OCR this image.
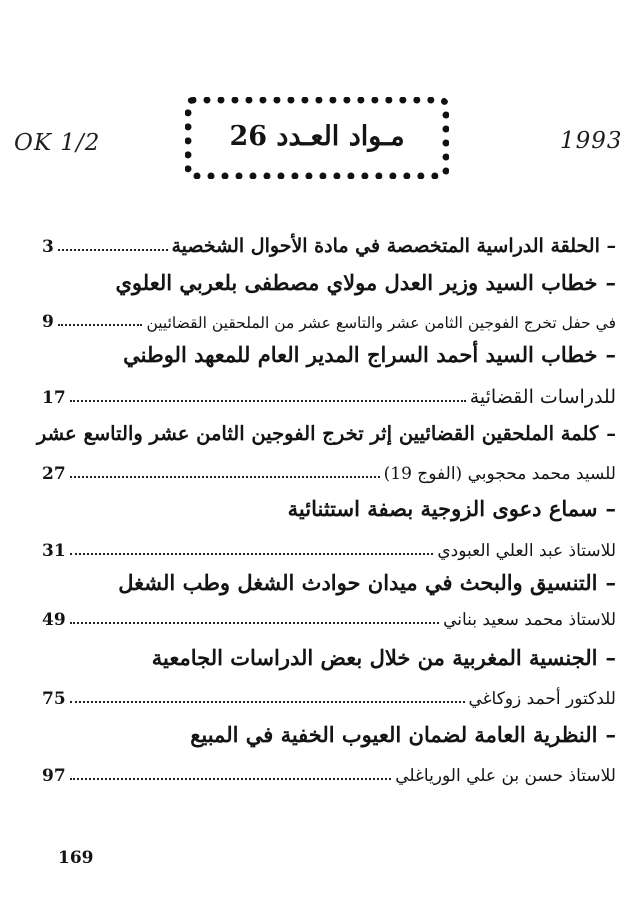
OK 1/2	1993
مـواد العـدد 26
– الحلقة الدراسية المتخصصة في مادة الأحوال الشخصية
3
–خطاب السيد وزير العدل مولاي مصطفى بلعربي العلوي
في حفل تخرج الفوجين الثامن عشر والتاسع عشر من الملحقين القضائيين
9
–خطاب السيد أحمد السراج المدير العام للمعهد الوطني
للدراسات القضائية
17
–كلمة الملحقين القضائيين إثر تخرج الفوجين الثامن عشر والتاسع عشر
للسيد محمد محجوبي (الفوج 19)
27
–سماع دعوى الزوجية بصفة استثنائية
للاستاذ عبد العلي العبودي
31
–التنسيق والبحث في ميدان حوادث الشغل وطب الشغل
للاستاذ محمد سعيد بناني
49
–الجنسية المغربية من خلال بعض الدراسات الجامعية
للدكتور أحمد زوكاغي
75
–النظرية العامة لضمان العيوب الخفية في المبيع
للاستاذ حسن بن علي الورياغلي
97
169
